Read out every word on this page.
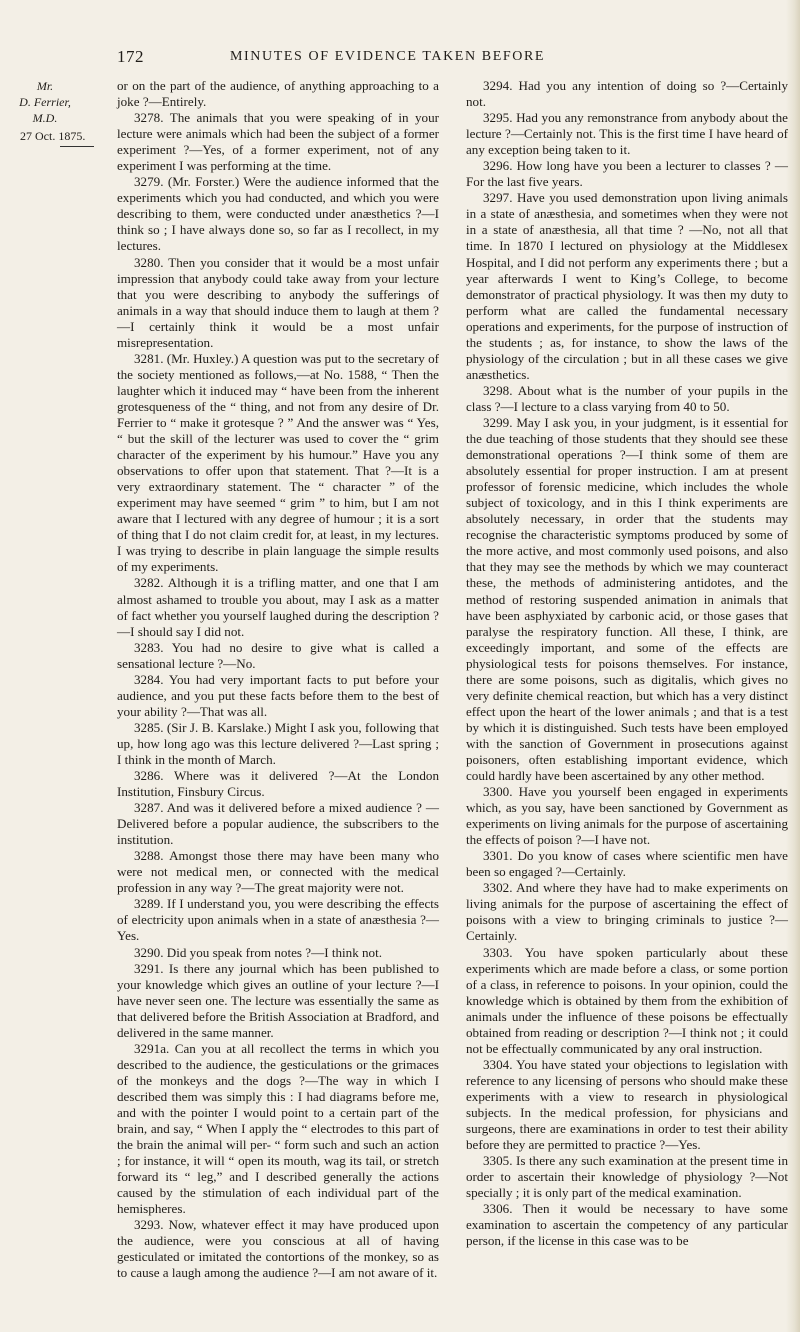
172	MINUTES OF EVIDENCE TAKEN BEFORE
Mr.
D. Ferrier,
M.D.
27 Oct. 1875.

or on the part of the audience, of anything approaching to a joke ?—Entirely.

3278. The animals that you were speaking of in your lecture were animals which had been the subject of a former experiment ?—Yes, of a former experiment, not of any experiment I was performing at the time.

3279. (Mr. Forster.) Were the audience informed that the experiments which you had conducted, and which you were describing to them, were conducted under anæsthetics ?—I think so ; I have always done so, so far as I recollect, in my lectures.

3280. Then you consider that it would be a most unfair impression that anybody could take away from your lecture that you were describing to anybody the sufferings of animals in a way that should induce them to laugh at them ?—I certainly think it would be a most unfair misrepresentation.

3281. (Mr. Huxley.) A question was put to the secretary of the society mentioned as follows,—at No. 1588, “ Then the laughter which it induced may “ have been from the inherent grotesqueness of the “ thing, and not from any desire of Dr. Ferrier to “ make it grotesque ? ” And the answer was “ Yes, “ but the skill of the lecturer was used to cover the “ grim character of the experiment by his humour.” Have you any observations to offer upon that statement. That ?—It is a very extraordinary statement. The “ character ” of the experiment may have seemed “ grim ” to him, but I am not aware that I lectured with any degree of humour ; it is a sort of thing that I do not claim credit for, at least, in my lectures. I was trying to describe in plain language the simple results of my experiments.

3282. Although it is a trifling matter, and one that I am almost ashamed to trouble you about, may I ask as a matter of fact whether you yourself laughed during the description ?—I should say I did not.

3283. You had no desire to give what is called a sensational lecture ?—No.

3284. You had very important facts to put before your audience, and you put these facts before them to the best of your ability ?—That was all.

3285. (Sir J. B. Karslake.) Might I ask you, following that up, how long ago was this lecture delivered ?—Last spring ; I think in the month of March.

3286. Where was it delivered ?—At the London Institution, Finsbury Circus.

3287. And was it delivered before a mixed audience ? —Delivered before a popular audience, the subscribers to the institution.

3288. Amongst those there may have been many who were not medical men, or connected with the medical profession in any way ?—The great majority were not.

3289. If I understand you, you were describing the effects of electricity upon animals when in a state of anæsthesia ?—Yes.

3290. Did you speak from notes ?—I think not.

3291. Is there any journal which has been published to your knowledge which gives an outline of your lecture ?—I have never seen one. The lecture was essentially the same as that delivered before the British Association at Bradford, and delivered in the same manner.

3291a. Can you at all recollect the terms in which you described to the audience, the gesticulations or the grimaces of the monkeys and the dogs ?—The way in which I described them was simply this : I had diagrams before me, and with the pointer I would point to a certain part of the brain, and say, “ When I apply the “ electrodes to this part of the brain the animal will per- “ form such and such an action ; for instance, it will “ open its mouth, wag its tail, or stretch forward its “ leg,” and I described generally the actions caused by the stimulation of each individual part of the hemispheres.

3293. Now, whatever effect it may have produced upon the audience, were you conscious at all of having gesticulated or imitated the contortions of the monkey, so as to cause a laugh among the audience ?—I am not aware of it.

3294. Had you any intention of doing so ?—Certainly not.

3295. Had you any remonstrance from anybody about the lecture ?—Certainly not. This is the first time I have heard of any exception being taken to it.

3296. How long have you been a lecturer to classes ? —For the last five years.

3297. Have you used demonstration upon living animals in a state of anæsthesia, and sometimes when they were not in a state of anæsthesia, all that time ? —No, not all that time. In 1870 I lectured on physiology at the Middlesex Hospital, and I did not perform any experiments there ; but a year afterwards I went to King’s College, to become demonstrator of practical physiology. It was then my duty to perform what are called the fundamental necessary operations and experiments, for the purpose of instruction of the students ; as, for instance, to show the laws of the physiology of the circulation ; but in all these cases we give anæsthetics.

3298. About what is the number of your pupils in the class ?—I lecture to a class varying from 40 to 50.

3299. May I ask you, in your judgment, is it essential for the due teaching of those students that they should see these demonstrational operations ?—I think some of them are absolutely essential for proper instruction. I am at present professor of forensic medicine, which includes the whole subject of toxicology, and in this I think experiments are absolutely necessary, in order that the students may recognise the characteristic symptoms produced by some of the more active, and most commonly used poisons, and also that they may see the methods by which we may counteract these, the methods of administering antidotes, and the method of restoring suspended animation in animals that have been asphyxiated by carbonic acid, or those gases that paralyse the respiratory function. All these, I think, are exceedingly important, and some of the effects are physiological tests for poisons themselves. For instance, there are some poisons, such as digitalis, which gives no very definite chemical reaction, but which has a very distinct effect upon the heart of the lower animals ; and that is a test by which it is distinguished. Such tests have been employed with the sanction of Government in prosecutions against poisoners, often establishing important evidence, which could hardly have been ascertained by any other method.

3300. Have you yourself been engaged in experiments which, as you say, have been sanctioned by Government as experiments on living animals for the purpose of ascertaining the effects of poison ?—I have not.

3301. Do you know of cases where scientific men have been so engaged ?—Certainly.

3302. And where they have had to make experiments on living animals for the purpose of ascertaining the effect of poisons with a view to bringing criminals to justice ?—Certainly.

3303. You have spoken particularly about these experiments which are made before a class, or some portion of a class, in reference to poisons. In your opinion, could the knowledge which is obtained by them from the exhibition of animals under the influence of these poisons be effectually obtained from reading or description ?—I think not ; it could not be effectually communicated by any oral instruction.

3304. You have stated your objections to legislation with reference to any licensing of persons who should make these experiments with a view to research in physiological subjects. In the medical profession, for physicians and surgeons, there are examinations in order to test their ability before they are permitted to practice ?—Yes.

3305. Is there any such examination at the present time in order to ascertain their knowledge of physiology ?—Not specially ; it is only part of the medical examination.

3306. Then it would be necessary to have some examination to ascertain the competency of any particular person, if the license in this case was to be
